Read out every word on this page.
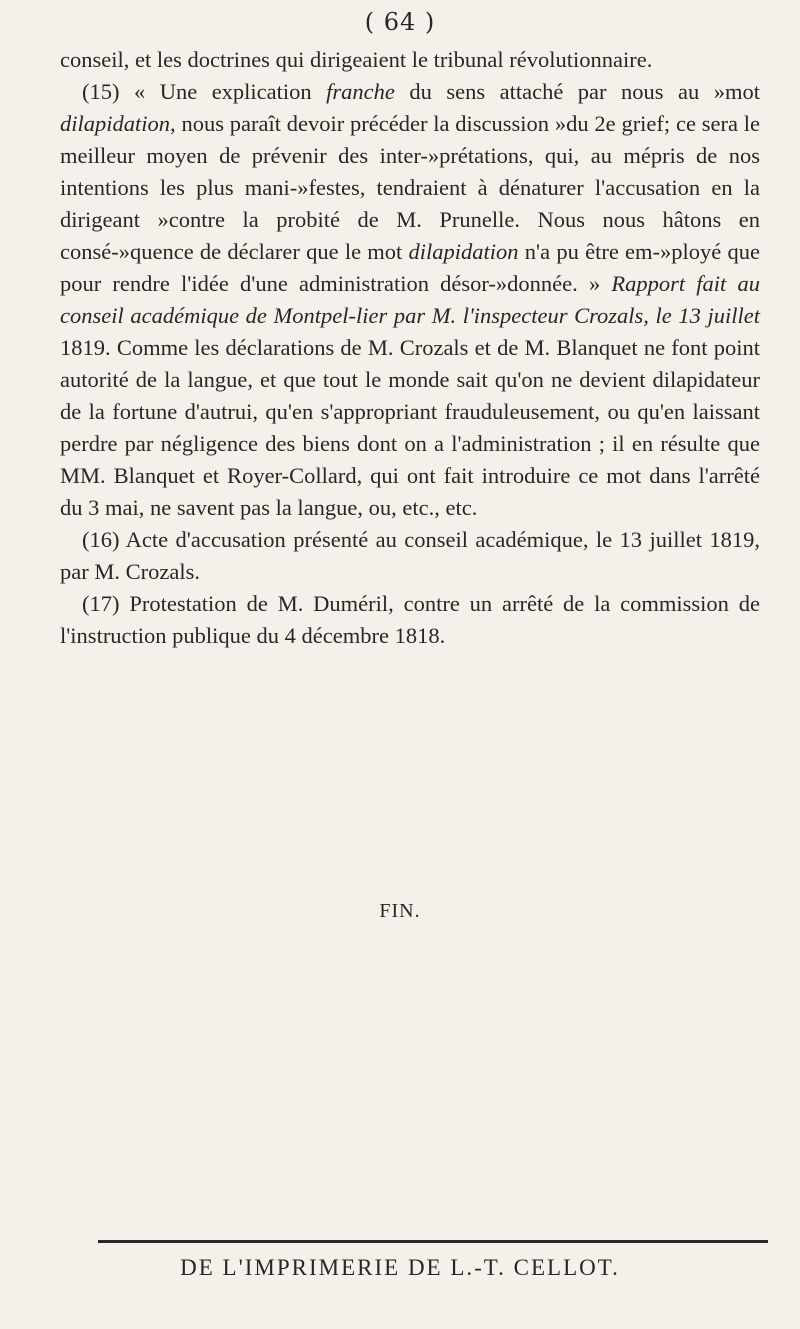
( 64 )

conseil, et les doctrines qui dirigeaient le tribunal révolutionnaire.

(15) « Une explication franche du sens attaché par nous au »mot dilapidation, nous paraît devoir précéder la discussion »du 2e grief; ce sera le meilleur moyen de prévenir des inter-»prétations, qui, au mépris de nos intentions les plus mani-»festes, tendraient à dénaturer l'accusation en la dirigeant »contre la probité de M. Prunelle. Nous nous hâtons en consé-»quence de déclarer que le mot dilapidation n'a pu être em-»ployé que pour rendre l'idée d'une administration désor-»donnée. » Rapport fait au conseil académique de Montpel-lier par M. l'inspecteur Crozals, le 13 juillet 1819. Comme les déclarations de M. Crozals et de M. Blanquet ne font point autorité de la langue, et que tout le monde sait qu'on ne devient dilapidateur de la fortune d'autrui, qu'en s'appropriant frauduleusement, ou qu'en laissant perdre par négligence des biens dont on a l'administration ; il en résulte que MM. Blanquet et Royer-Collard, qui ont fait introduire ce mot dans l'arrêté du 3 mai, ne savent pas la langue, ou, etc., etc.

(16) Acte d'accusation présenté au conseil académique, le 13 juillet 1819, par M. Crozals.

(17) Protestation de M. Duméril, contre un arrêté de la commission de l'instruction publique du 4 décembre 1818.

FIN.
DE L'IMPRIMERIE DE L.-T. CELLOT.
